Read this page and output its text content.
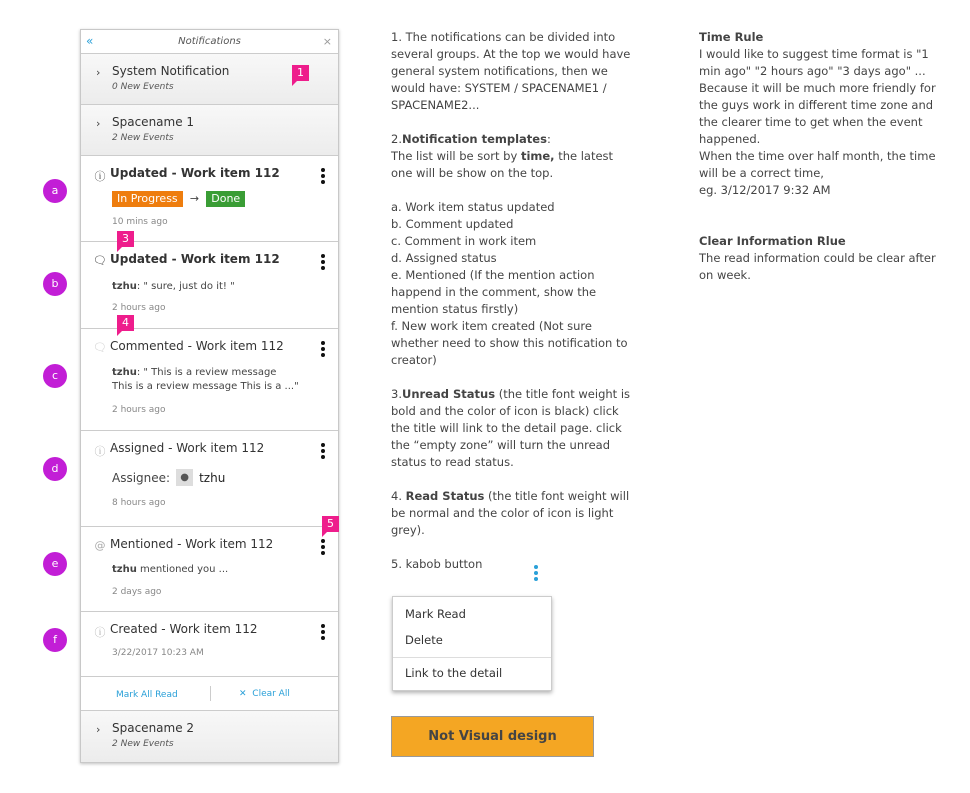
«	Notifications	×
› System Notification
0 New Events
› Spacename 1
2 New Events
ⓘ Updated - Work item 112
In Progress → Done
10 mins ago
🗨 Updated - Work item 112
tzhu: " sure, just do it! "
2 hours ago
🗨 Commented - Work item 112
tzhu: " This is a review message
This is a review message This is a ..."
2 hours ago
ⓘ Assigned - Work item 112
Assignee:	● tzhu
8 hours ago
@ Mentioned - Work item 112
tzhu mentioned you ...
2 days ago
ⓘ Created - Work item 112
3/22/2017 10:23 AM
Mark All Read	✕ Clear All
› Spacename 2
2 New Events
a
b
c
d
e
f
1
3
4
5

1. The notifications can be divided into several groups. At the top we would have general system notifications, then we would have: SYSTEM / SPACENAME1 / SPACENAME2...

2.Notification templates:
The list will be sort by time, the latest one will be show on the top.

a. Work item status updated
b. Comment updated
c. Comment in work item
d. Assigned status
e. Mentioned (If the mention action happend in the comment, show the mention status firstly)
f. New work item created (Not sure whether need to show this notification to creator)

3.Unread Status (the title font weight is bold and the color of icon is black) click the title will link to the detail page. click the “empty zone” will turn the unread status to read status.

4. Read Status (the title font weight will be normal and the color of icon is light grey).

5. kabob button

Mark Read
Delete
Link to the detail
Not Visual design
Time Rule
I would like to suggest time format is "1 min ago" "2 hours ago" "3 days ago" ... Because it will be much more friendly for the guys work in different time zone and the clearer time to get when the event happened.
When the time over half month, the time will be a correct time,
eg. 3/12/2017 9:32 AM
Clear Information Rlue
The read information could be clear after on week.
